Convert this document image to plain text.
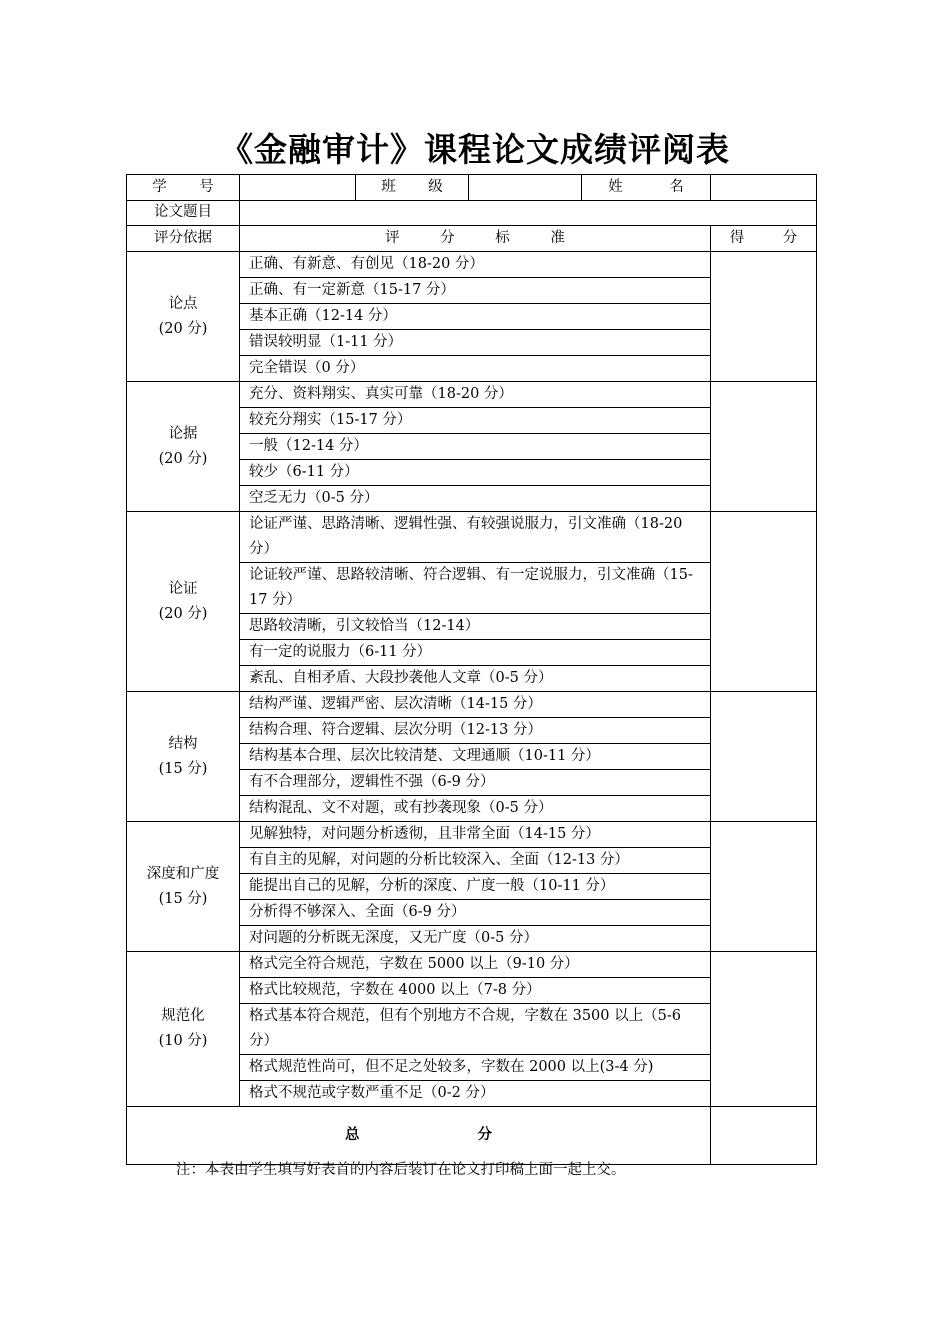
《金融审计》课程论文成绩评阅表
学 号		班 级		姓 名	
论文题目					
评分依据	评 分 标 准				得 分

论点
(20 分)	正确、有新意、有创见（18-20 分）				
	正确、有一定新意（15-17 分）				
	基本正确（12-14 分）				
	错误较明显（1-11 分）				
	完全错误（0 分）				

论据
(20 分)	充分、资料翔实、真实可靠（18-20 分）				
	较充分翔实（15-17 分）				
	一般（12-14 分）				
	较少（6-11 分）				
	空乏无力（0-5 分）				

论证
(20 分)	论证严谨、思路清晰、逻辑性强、有较强说服力，引文准确（18-20 分）				
	论证较严谨、思路较清晰、符合逻辑、有一定说服力，引文准确（15-17 分）				
	思路较清晰，引文较恰当（12-14）				
	有一定的说服力（6-11 分）				
	紊乱、自相矛盾、大段抄袭他人文章（0-5 分）				

结构
(15 分)	结构严谨、逻辑严密、层次清晰（14-15 分）				
	结构合理、符合逻辑、层次分明（12-13 分）				
	结构基本合理、层次比较清楚、文理通顺（10-11 分）				
	有不合理部分，逻辑性不强（6-9 分）				
	结构混乱、文不对题，或有抄袭现象（0-5 分）				

深度和广度
(15 分)	见解独特，对问题分析透彻，且非常全面（14-15 分）				
	有自主的见解，对问题的分析比较深入、全面（12-13 分）				
	能提出自己的见解，分析的深度、广度一般（10-11 分）				
	分析得不够深入、全面（6-9 分）				
	对问题的分析既无深度，又无广度（0-5 分）				

规范化
(10 分)	格式完全符合规范，字数在 5000 以上（9-10 分）				
	格式比较规范，字数在 4000 以上（7-8 分）				
	格式基本符合规范，但有个别地方不合规，字数在 3500 以上（5-6 分）				
	格式规范性尚可，但不足之处较多，字数在 2000 以上(3-4 分)				
	格式不规范或字数严重不足（0-2 分）				
总 分					
注：本表由学生填写好表首的内容后装订在论文打印稿上面一起上交。
